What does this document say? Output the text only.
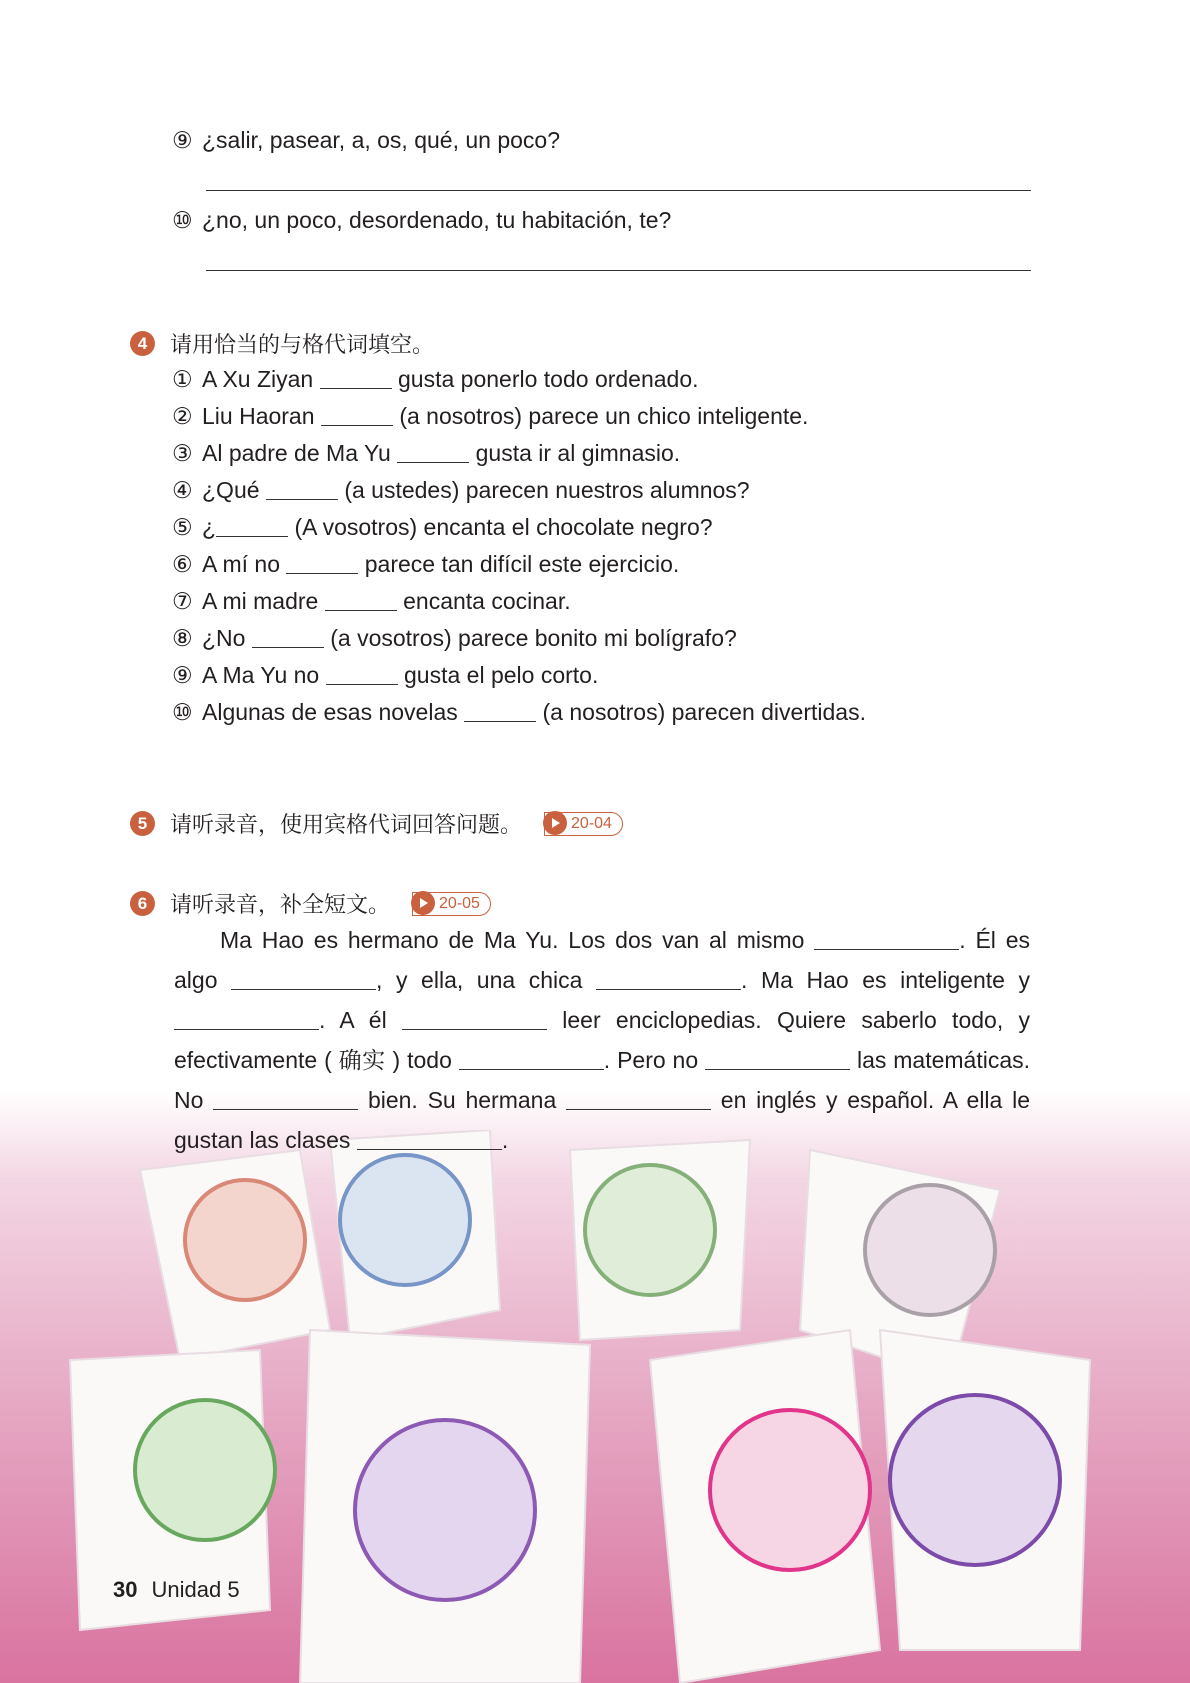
⑨ ¿salir, pasear, a, os, qué, un poco?
⑩ ¿no, un poco, desordenado, tu habitación, te?
4	请用恰当的与格代词填空。
① A Xu Ziyan	gusta ponerlo todo ordenado.
② Liu Haoran	(a nosotros) parece un chico inteligente.
③ Al padre de Ma Yu	gusta ir al gimnasio.
④ ¿Qué	(a ustedes) parecen nuestros alumnos?
⑤ ¿	(A vosotros) encanta el chocolate negro?
⑥ A mí no	parece tan difícil este ejercicio.
⑦ A mi madre	encanta cocinar.
⑧ ¿No	(a vosotros) parece bonito mi bolígrafo?
⑨ A Ma Yu no	gusta el pelo corto.
⑩ Algunas de esas novelas	(a nosotros) parecen divertidas.
5	请听录音，使用宾格代词回答问题。	20-04
6	请听录音，补全短文。	20-05
Ma Hao es hermano de Ma Yu. Los dos van al mismo	. Él es algo	, y ella, una chica	. Ma Hao es inteligente y . A él	leer enciclopedias. Quiere saberlo todo, y efectivamente ( 确实 ) todo	. Pero no	las matemáticas. No	bien. Su hermana	en inglés y español. A ella le gustan las clases	.
30 Unidad 5
